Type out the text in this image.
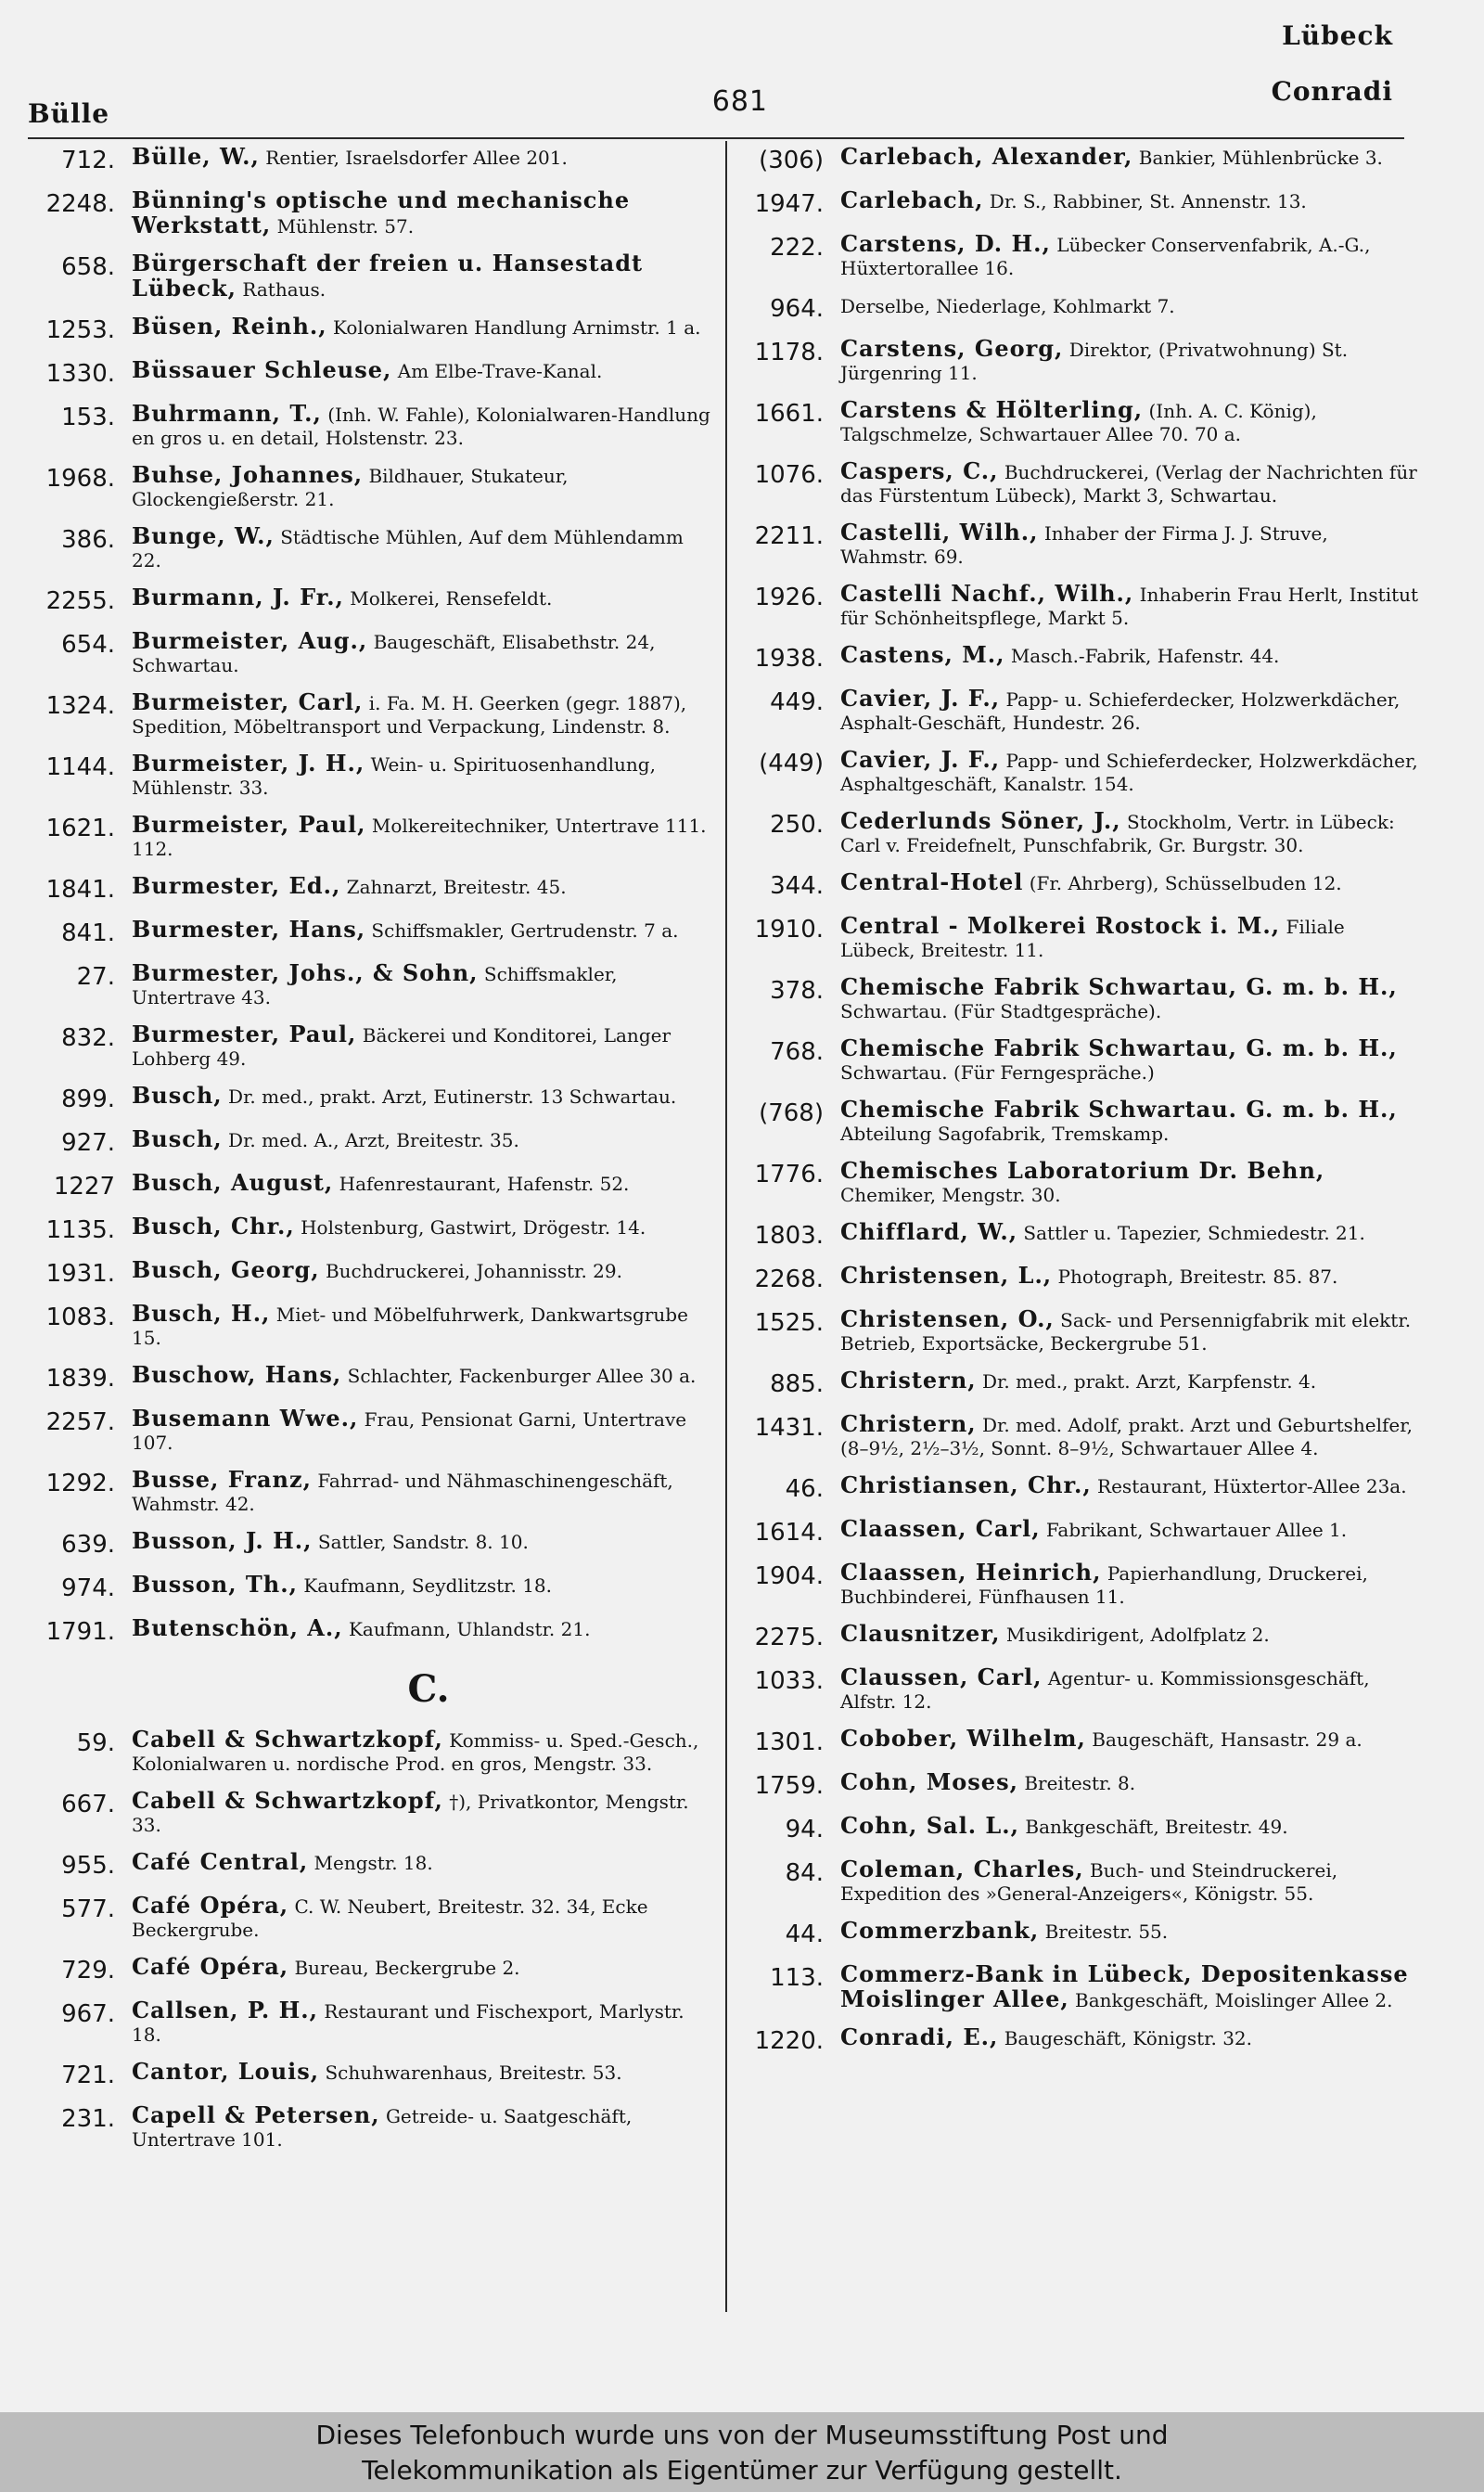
Lübeck
Bülle	681	Conradi
712. Bülle, W., Rentier, Israelsdorfer Allee 201.
2248. Bünning's optische und mechanische Werkstatt, Mühlenstr. 57.
658. Bürgerschaft der freien u. Hansestadt Lübeck, Rathaus.
1253. Büsen, Reinh., Kolonialwaren Handlung Arnimstr. 1 a.
1330. Büssauer Schleuse, Am Elbe-Trave-Kanal.
153. Buhrmann, T., (Inh. W. Fahle), Kolonialwaren-Handlung en gros u. en detail, Holstenstr. 23.
1968. Buhse, Johannes, Bildhauer, Stukateur, Glockengießerstr. 21.
386. Bunge, W., Städtische Mühlen, Auf dem Mühlendamm 22.
2255. Burmann, J. Fr., Molkerei, Rensefeldt.
654. Burmeister, Aug., Baugeschäft, Elisabethstr. 24, Schwartau.
1324. Burmeister, Carl, i. Fa. M. H. Geerken (gegr. 1887), Spedition, Möbeltransport und Verpackung, Lindenstr. 8.
1144. Burmeister, J. H., Wein- u. Spirituosenhandlung, Mühlenstr. 33.
1621. Burmeister, Paul, Molkereitechniker, Untertrave 111. 112.
1841. Burmester, Ed., Zahnarzt, Breitestr. 45.
841. Burmester, Hans, Schiffsmakler, Gertrudenstr. 7 a.
27. Burmester, Johs., & Sohn, Schiffsmakler, Untertrave 43.
832. Burmester, Paul, Bäckerei und Konditorei, Langer Lohberg 49.
899. Busch, Dr. med., prakt. Arzt, Eutinerstr. 13 Schwartau.
927. Busch, Dr. med. A., Arzt, Breitestr. 35.
1227 Busch, August, Hafenrestaurant, Hafenstr. 52.
1135. Busch, Chr., Holstenburg, Gastwirt, Drögestr. 14.
1931. Busch, Georg, Buchdruckerei, Johannisstr. 29.
1083. Busch, H., Miet- und Möbelfuhrwerk, Dankwartsgrube 15.
1839. Buschow, Hans, Schlachter, Fackenburger Allee 30 a.
2257. Busemann Wwe., Frau, Pensionat Garni, Untertrave 107.
1292. Busse, Franz, Fahrrad- und Nähmaschinengeschäft, Wahmstr. 42.
639. Busson, J. H., Sattler, Sandstr. 8. 10.
974. Busson, Th., Kaufmann, Seydlitzstr. 18.
1791. Butenschön, A., Kaufmann, Uhlandstr. 21.
C.
59. Cabell & Schwartzkopf, Kommiss- u. Sped.-Gesch., Kolonialwaren u. nordische Prod. en gros, Mengstr. 33.
667. Cabell & Schwartzkopf, †), Privatkontor, Mengstr. 33.
955. Café Central, Mengstr. 18.
577. Café Opéra, C. W. Neubert, Breitestr. 32. 34, Ecke Beckergrube.
729. Café Opéra, Bureau, Beckergrube 2.
967. Callsen, P. H., Restaurant und Fischexport, Marlystr. 18.
721. Cantor, Louis, Schuhwarenhaus, Breitestr. 53.
231. Capell & Petersen, Getreide- u. Saatgeschäft, Untertrave 101.
(306) Carlebach, Alexander, Bankier, Mühlenbrücke 3.
1947. Carlebach, Dr. S., Rabbiner, St. Annenstr. 13.
222. Carstens, D. H., Lübecker Conservenfabrik, A.-G., Hüxtertorallee 16.
964. Derselbe, Niederlage, Kohlmarkt 7.
1178. Carstens, Georg, Direktor, (Privatwohnung) St. Jürgenring 11.
1661. Carstens & Hölterling, (Inh. A. C. König), Talgschmelze, Schwartauer Allee 70. 70 a.
1076. Caspers, C., Buchdruckerei, (Verlag der Nachrichten für das Fürstentum Lübeck), Markt 3, Schwartau.
2211. Castelli, Wilh., Inhaber der Firma J. J. Struve, Wahmstr. 69.
1926. Castelli Nachf., Wilh., Inhaberin Frau Herlt, Institut für Schönheitspflege, Markt 5.
1938. Castens, M., Masch.-Fabrik, Hafenstr. 44.
449. Cavier, J. F., Papp- u. Schieferdecker, Holzwerkdächer, Asphalt-Geschäft, Hundestr. 26.
(449) Cavier, J. F., Papp- und Schieferdecker, Holzwerkdächer, Asphaltgeschäft, Kanalstr. 154.
250. Cederlunds Söner, J., Stockholm, Vertr. in Lübeck: Carl v. Freidefnelt, Punschfabrik, Gr. Burgstr. 30.
344. Central-Hotel (Fr. Ahrberg), Schüsselbuden 12.
1910. Central - Molkerei Rostock i. M., Filiale Lübeck, Breitestr. 11.
378. Chemische Fabrik Schwartau, G. m. b. H., Schwartau. (Für Stadtgespräche).
768. Chemische Fabrik Schwartau, G. m. b. H., Schwartau. (Für Ferngespräche.)
(768) Chemische Fabrik Schwartau. G. m. b. H., Abteilung Sagofabrik, Tremskamp.
1776. Chemisches Laboratorium Dr. Behn, Chemiker, Mengstr. 30.
1803. Chifflard, W., Sattler u. Tapezier, Schmiedestr. 21.
2268. Christensen, L., Photograph, Breitestr. 85. 87.
1525. Christensen, O., Sack- und Persennigfabrik mit elektr. Betrieb, Exportsäcke, Beckergrube 51.
885. Christern, Dr. med., prakt. Arzt, Karpfenstr. 4.
1431. Christern, Dr. med. Adolf, prakt. Arzt und Geburtshelfer, (8–9½, 2½–3½, Sonnt. 8–9½, Schwartauer Allee 4.
46. Christiansen, Chr., Restaurant, Hüxtertor-Allee 23a.
1614. Claassen, Carl, Fabrikant, Schwartauer Allee 1.
1904. Claassen, Heinrich, Papierhandlung, Druckerei, Buchbinderei, Fünfhausen 11.
2275. Clausnitzer, Musikdirigent, Adolfplatz 2.
1033. Claussen, Carl, Agentur- u. Kommissionsgeschäft, Alfstr. 12.
1301. Cobober, Wilhelm, Baugeschäft, Hansastr. 29 a.
1759. Cohn, Moses, Breitestr. 8.
94. Cohn, Sal. L., Bankgeschäft, Breitestr. 49.
84. Coleman, Charles, Buch- und Steindruckerei, Expedition des »General-Anzeigers«, Königstr. 55.
44. Commerzbank, Breitestr. 55.
113. Commerz-Bank in Lübeck, Depositenkasse Moislinger Allee, Bankgeschäft, Moislinger Allee 2.
1220. Conradi, E., Baugeschäft, Königstr. 32.
Dieses Telefonbuch wurde uns von der Museumsstiftung Post und
Telekommunikation als Eigentümer zur Verfügung gestellt.
